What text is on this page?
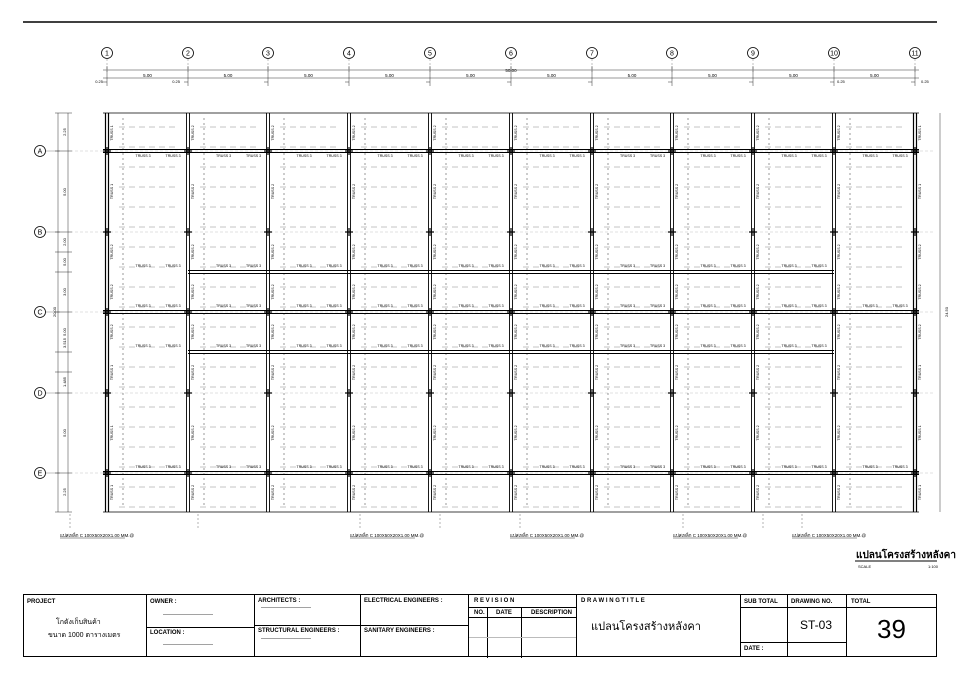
1	2	3	4	5	6	7	8	9	10	11
A
B
C
D
E
50.00
5.00	5.00	5.00	5.00	5.00	5.00	5.00	5.00	5.00	5.00
0.25	0.25	0.25	0.25
2.25
5.00
2.00
5.00
3.00
5.00
3.515
1.485
5.00
2.25
20.00	24.50
TRUSS 1
TRUSS 1
TRUSS 2
TRUSS 2
TRUSS 2
TRUSS 1
TRUSS 1
TRUSS 1
TRUSS 2
TRUSS 2
TRUSS 2
TRUSS 2
TRUSS 2
TRUSS 2
TRUSS 2
TRUSS 2
TRUSS 2
TRUSS 2
TRUSS 2
TRUSS 2
TRUSS 2
TRUSS 2
TRUSS 2
TRUSS 2
TRUSS 2
TRUSS 2
TRUSS 2
TRUSS 2
TRUSS 2
TRUSS 2
TRUSS 2
TRUSS 2
TRUSS 2
TRUSS 2
TRUSS 2
TRUSS 2
TRUSS 2
TRUSS 2
TRUSS 2
TRUSS 2
TRUSS 2
TRUSS 2
TRUSS 2
TRUSS 2
TRUSS 2
TRUSS 2
TRUSS 2
TRUSS 2
TRUSS 2
TRUSS 2
TRUSS 2
TRUSS 2
TRUSS 2
TRUSS 2
TRUSS 2
TRUSS 2
TRUSS 2
TRUSS 2
TRUSS 2
TRUSS 2
TRUSS 2
TRUSS 2
TRUSS 2
TRUSS 2
TRUSS 2
TRUSS 2
TRUSS 2
TRUSS 2
TRUSS 2
TRUSS 2
TRUSS 2
TRUSS 2
TRUSS 2
TRUSS 2
TRUSS 2
TRUSS 2
TRUSS 2
TRUSS 2
TRUSS 2
TRUSS 2
TRUSS 1
TRUSS 1
TRUSS 2
TRUSS 2
TRUSS 2
TRUSS 1
TRUSS 1
TRUSS 1
TRUSS 3	TRUSS 3	TRUSS 3	TRUSS 3	TRUSS 3	TRUSS 3	TRUSS 3	TRUSS 3	TRUSS 3	TRUSS 3	TRUSS 3	TRUSS 3	TRUSS 3	TRUSS 3	TRUSS 3	TRUSS 3	TRUSS 3	TRUSS 3	TRUSS 3	TRUSS 3
TRUSS 3	TRUSS 3	TRUSS 3	TRUSS 3	TRUSS 3	TRUSS 3	TRUSS 3	TRUSS 3	TRUSS 3	TRUSS 3	TRUSS 3	TRUSS 3	TRUSS 3	TRUSS 3	TRUSS 3	TRUSS 3	TRUSS 3	TRUSS 3
TRUSS 3	TRUSS 3	TRUSS 3	TRUSS 3	TRUSS 3	TRUSS 3	TRUSS 3	TRUSS 3	TRUSS 3	TRUSS 3	TRUSS 3	TRUSS 3	TRUSS 3	TRUSS 3	TRUSS 3	TRUSS 3	TRUSS 3	TRUSS 3	TRUSS 3	TRUSS 3
TRUSS 3	TRUSS 3	TRUSS 3	TRUSS 3	TRUSS 3	TRUSS 3	TRUSS 3	TRUSS 3	TRUSS 3	TRUSS 3	TRUSS 3	TRUSS 3	TRUSS 3	TRUSS 3	TRUSS 3	TRUSS 3	TRUSS 3	TRUSS 3
TRUSS 3	TRUSS 3	TRUSS 3	TRUSS 3	TRUSS 3	TRUSS 3	TRUSS 3	TRUSS 3	TRUSS 3	TRUSS 3	TRUSS 3	TRUSS 3	TRUSS 3	TRUSS 3	TRUSS 3	TRUSS 3	TRUSS 3	TRUSS 3	TRUSS 3	TRUSS 3
แปสเหล็ก C 100X50X20X1.00 MM.@	แปสเหล็ก C 100X50X20X1.00 MM.@	แปสเหล็ก C 100X50X20X1.00 MM.@	แปสเหล็ก C 100X50X20X1.00 MM.@	แปสเหล็ก C 100X50X20X1.00 MM.@
แปลนโครงสร้างหลังคา
SCALE	1:100
PROJECT
โกดังเก็บสินค้า
ขนาด 1000 ตารางเมตร
OWNER :
-------------------------
LOCATION :
-------------------------
ARCHITECTS :
-------------------------
STRUCTURAL ENGINEERS :
-------------------------
ELECTRICAL ENGINEERS :
SANITARY ENGINEERS :
R E V I S I O N
NO. DATE	DESCRIPTION
D R A W I N G T I T L E
แปลนโครงสร้างหลังคา
SUB TOTAL
DATE :
DRAWING NO.
ST-03
TOTAL
39
